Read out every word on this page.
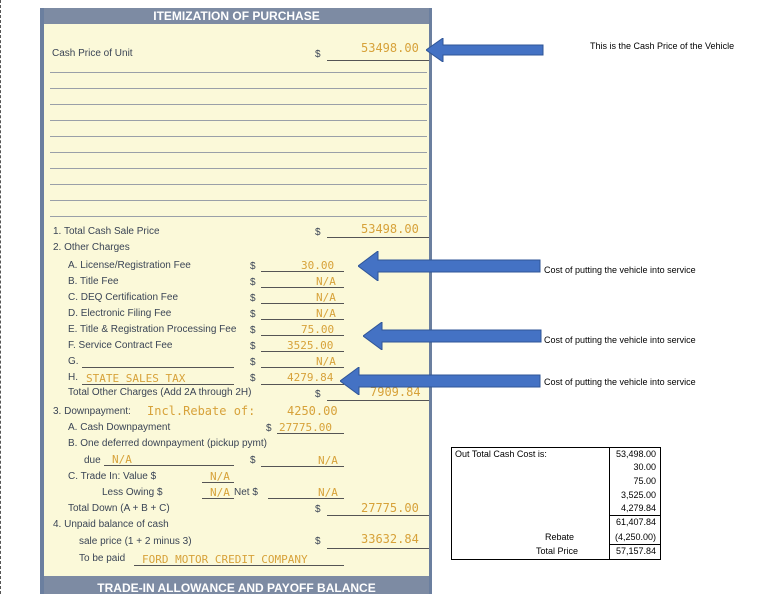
ITEMIZATION OF PURCHASE
Cash Price of Unit	$	53498.00
1. Total Cash Sale Price	$	53498.00
2. Other Charges
A. License/Registration Fee	$	30.00
B. Title Fee	$	N/A
C. DEQ Certification Fee	$	N/A
D. Electronic Filing Fee	$	N/A
E. Title & Registration Processing Fee $	75.00
F. Service Contract Fee	$	3525.00
G.	$	N/A
H. STATE SALES TAX	$	4279.84
Total Other Charges (Add 2A through 2H)	$	7909.84
3. Downpayment: Incl.Rebate of:	4250.00
A. Cash Downpayment	$ 27775.00
B. One deferred downpayment (pickup pymt)
due N/A	$	N/A
C. Trade In: Value $	N/A
Less Owing $	N/A Net $	N/A
Total Down (A + B + C)	$	27775.00
4. Unpaid balance of cash
sale price (1 + 2 minus 3)	$	33632.84
To be paid FORD MOTOR CREDIT COMPANY
TRADE-IN ALLOWANCE AND PAYOFF BALANCE
This is the Cash Price of the Vehicle
Cost of putting the vehicle into service
Cost of putting the vehicle into service
Cost of putting the vehicle into service
Out Total Cash Cost is:	53,498.00
30.00
75.00
3,525.00
4,279.84
61,407.84
Rebate	(4,250.00)
Total Price	57,157.84
